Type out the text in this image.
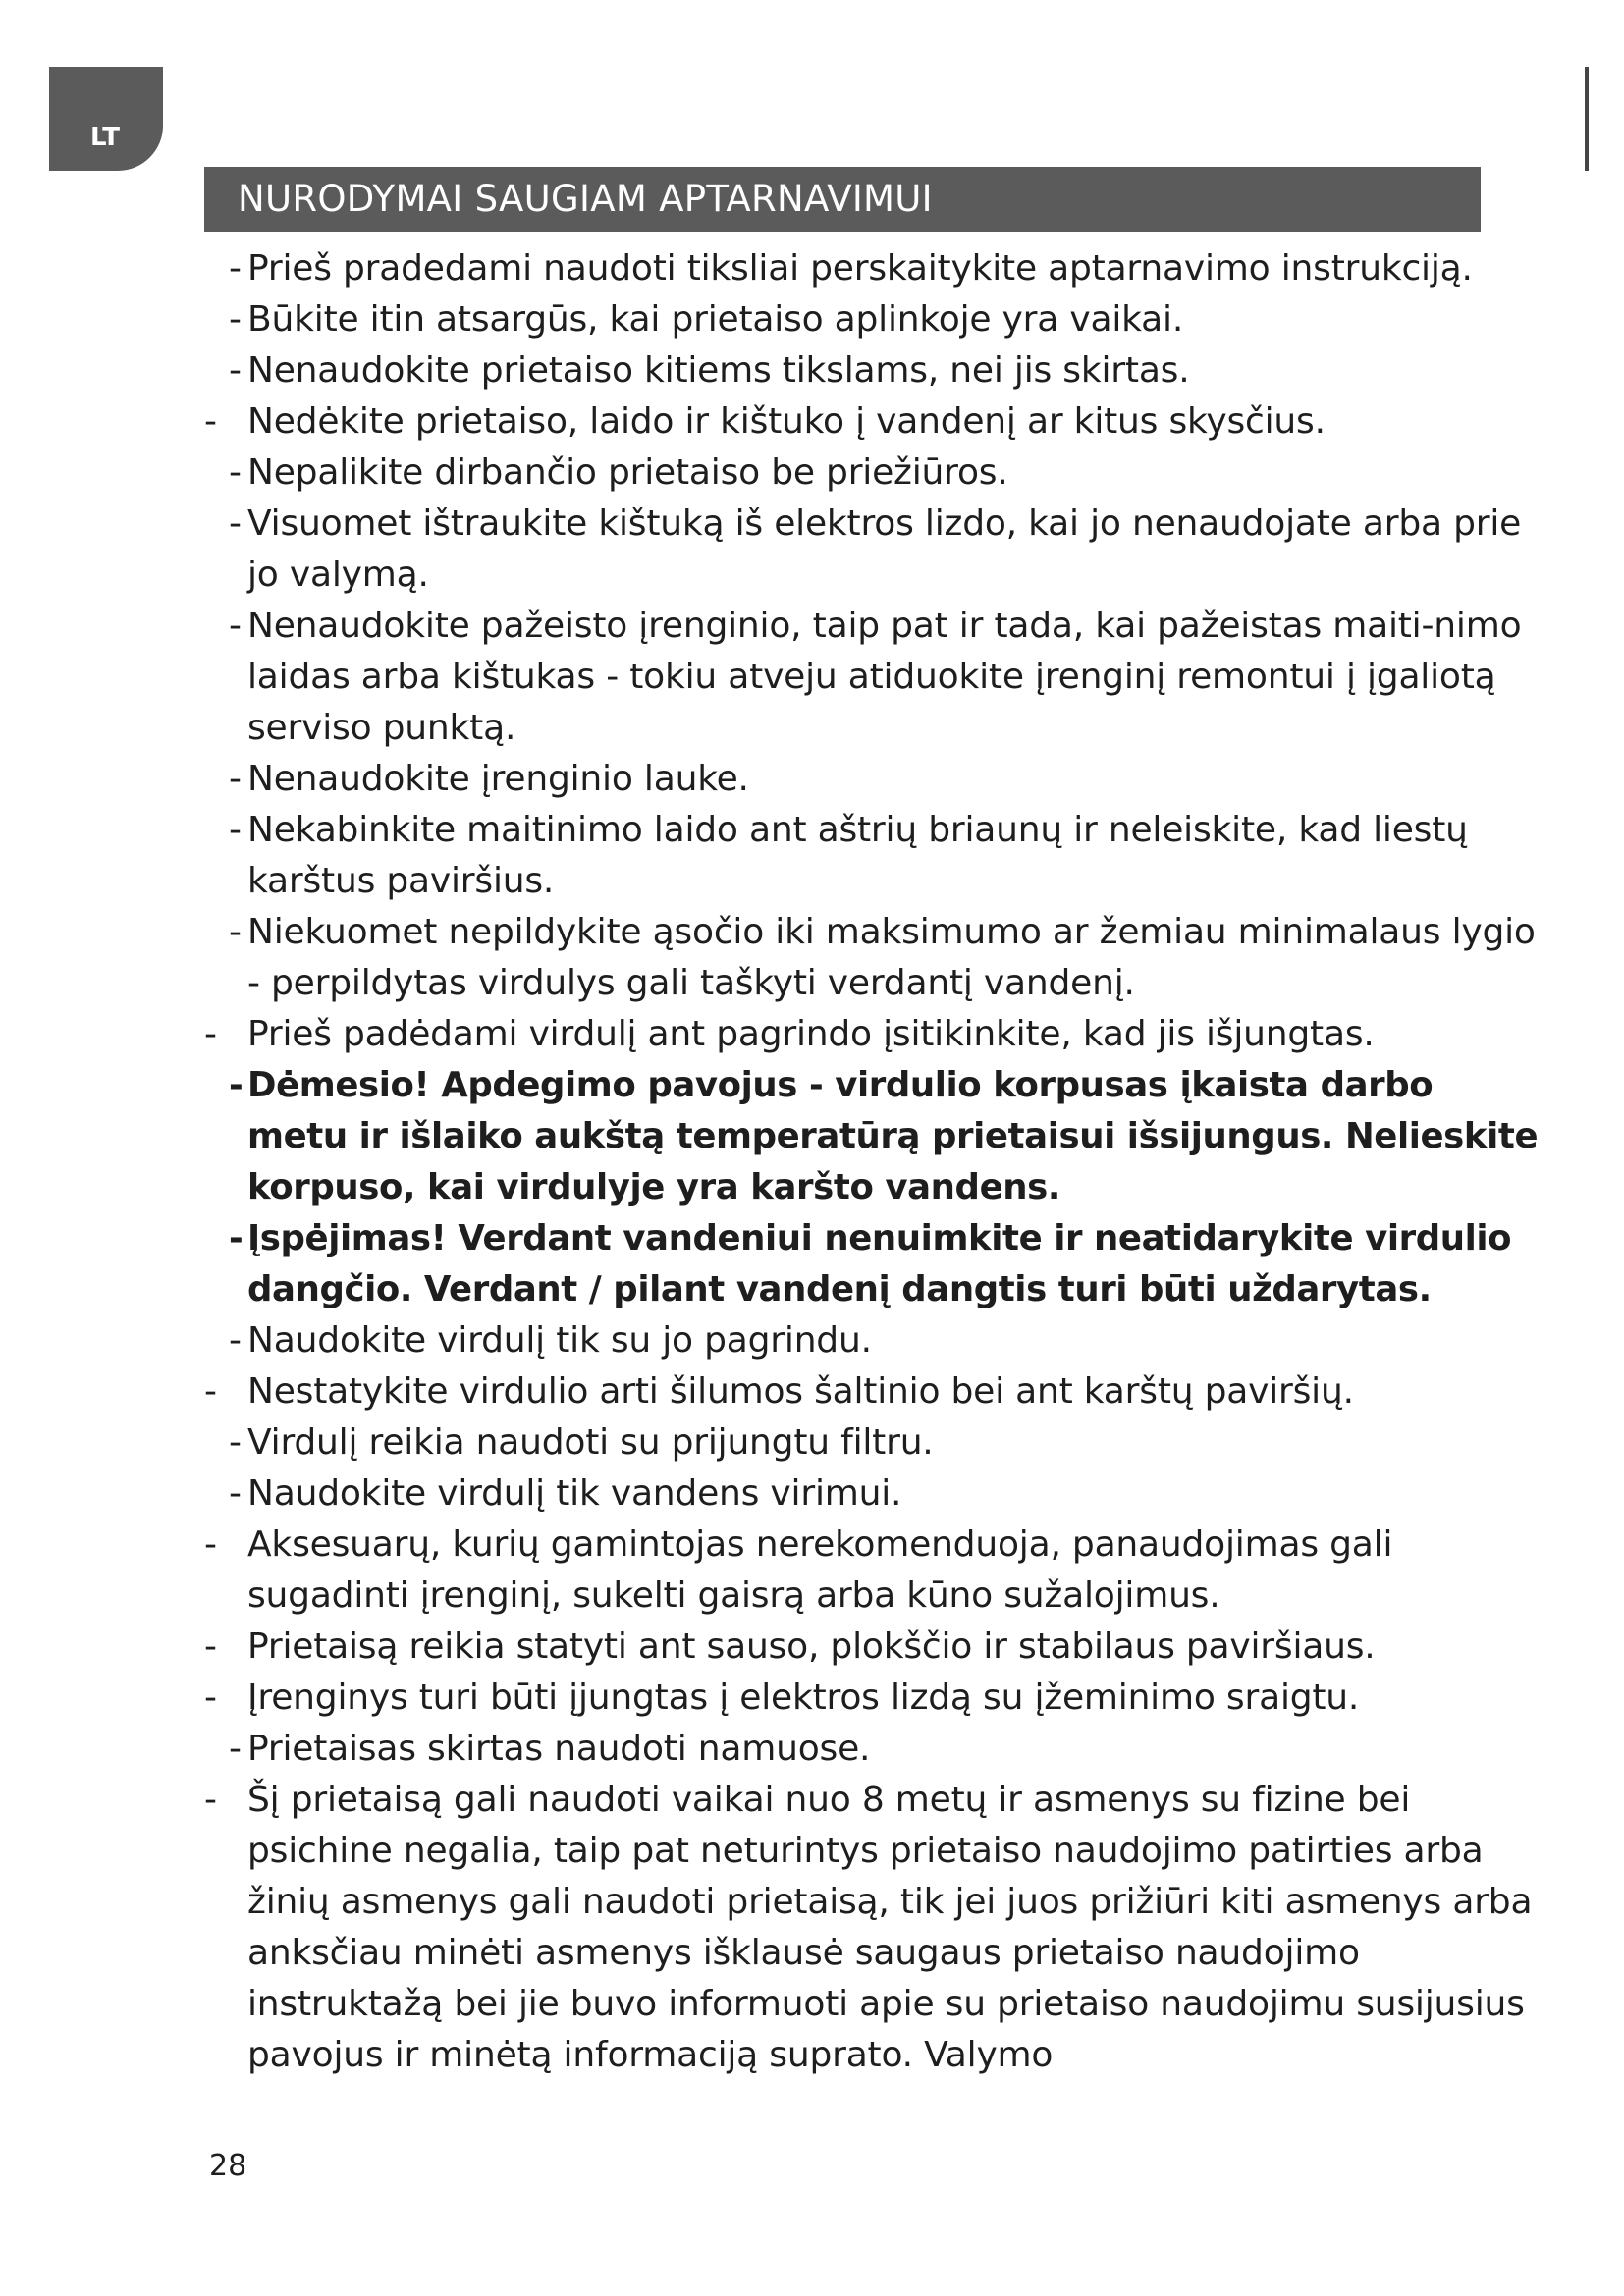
LT
NURODYMAI SAUGIAM APTARNAVIMUI
- Prieš pradedami naudoti tiksliai perskaitykite aptarnavimo instrukciją.
- Būkite itin atsargūs, kai prietaiso aplinkoje yra vaikai.
- Nenaudokite prietaiso kitiems tikslams, nei jis skirtas.
- Nedėkite prietaiso, laido ir kištuko į vandenį ar kitus skysčius.
- Nepalikite dirbančio prietaiso be priežiūros.
- Visuomet ištraukite kištuką iš elektros lizdo, kai jo nenaudojate arba prie jo valymą.
- Nenaudokite pažeisto įrenginio, taip pat ir tada, kai pažeistas maiti-nimo laidas arba kištukas - tokiu atveju atiduokite įrenginį remontui į įgaliotą serviso punktą.
- Nenaudokite įrenginio lauke.
- Nekabinkite maitinimo laido ant aštrių briaunų ir neleiskite, kad liestų karštus paviršius.
- Niekuomet nepildykite ąsočio iki maksimumo ar žemiau minimalaus lygio - perpildytas virdulys gali taškyti verdantį vandenį.
- Prieš padėdami virdulį ant pagrindo įsitikinkite, kad jis išjungtas.
- Dėmesio! Apdegimo pavojus - virdulio korpusas įkaista darbo metu ir išlaiko aukštą temperatūrą prietaisui išsijungus. Nelieskite korpuso, kai virdulyje yra karšto vandens.
- Įspėjimas! Verdant vandeniui nenuimkite ir neatidarykite virdulio dangčio. Verdant / pilant vandenį dangtis turi būti uždarytas.
- Naudokite virdulį tik su jo pagrindu.
- Nestatykite virdulio arti šilumos šaltinio bei ant karštų paviršių.
- Virdulį reikia naudoti su prijungtu filtru.
- Naudokite virdulį tik vandens virimui.
- Aksesuarų, kurių gamintojas nerekomenduoja, panaudojimas gali sugadinti įrenginį, sukelti gaisrą arba kūno sužalojimus.
- Prietaisą reikia statyti ant sauso, plokščio ir stabilaus paviršiaus.
- Įrenginys turi būti įjungtas į elektros lizdą su įžeminimo sraigtu.
- Prietaisas skirtas naudoti namuose.
- Šį prietaisą gali naudoti vaikai nuo 8 metų ir asmenys su fizine bei psichine negalia, taip pat neturintys prietaiso naudojimo patirties arba žinių asmenys gali naudoti prietaisą, tik jei juos prižiūri kiti asmenys arba anksčiau minėti asmenys išklausė saugaus prietaiso naudojimo instruktažą bei jie buvo informuoti apie su prietaiso naudojimu susijusius pavojus ir minėtą informaciją suprato. Valymo
28
